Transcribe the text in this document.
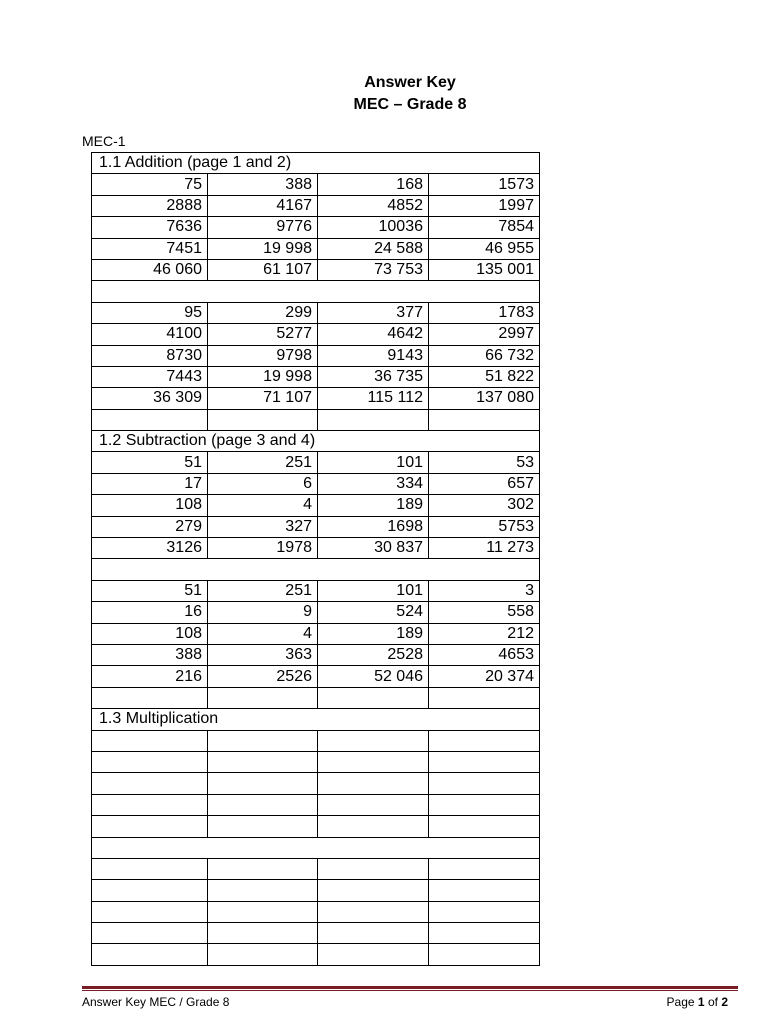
Answer Key
MEC – Grade 8
MEC-1
1.1 Addition (page 1 and 2)			
75	388	168	1573
2888	4167	4852	1997
7636	9776	10036	7854
7451	19 998	24 588	46 955
46 060	61 107	73 753	135 001

95	299	377	1783
4100	5277	4642	2997
8730	9798	9143	66 732
7443	19 998	36 735	51 822
36 309	71 107	115 112	137 080

1.2 Subtraction (page 3 and 4)			
51	251	101	53
17	6	334	657
108	4	189	302
279	327	1698	5753
3126	1978	30 837	11 273

51	251	101	3
16	9	524	558
108	4	189	212
388	363	2528	4653
216	2526	52 046	20 374

1.3 Multiplication			

Answer Key MEC / Grade 8	Page 1 of 2
